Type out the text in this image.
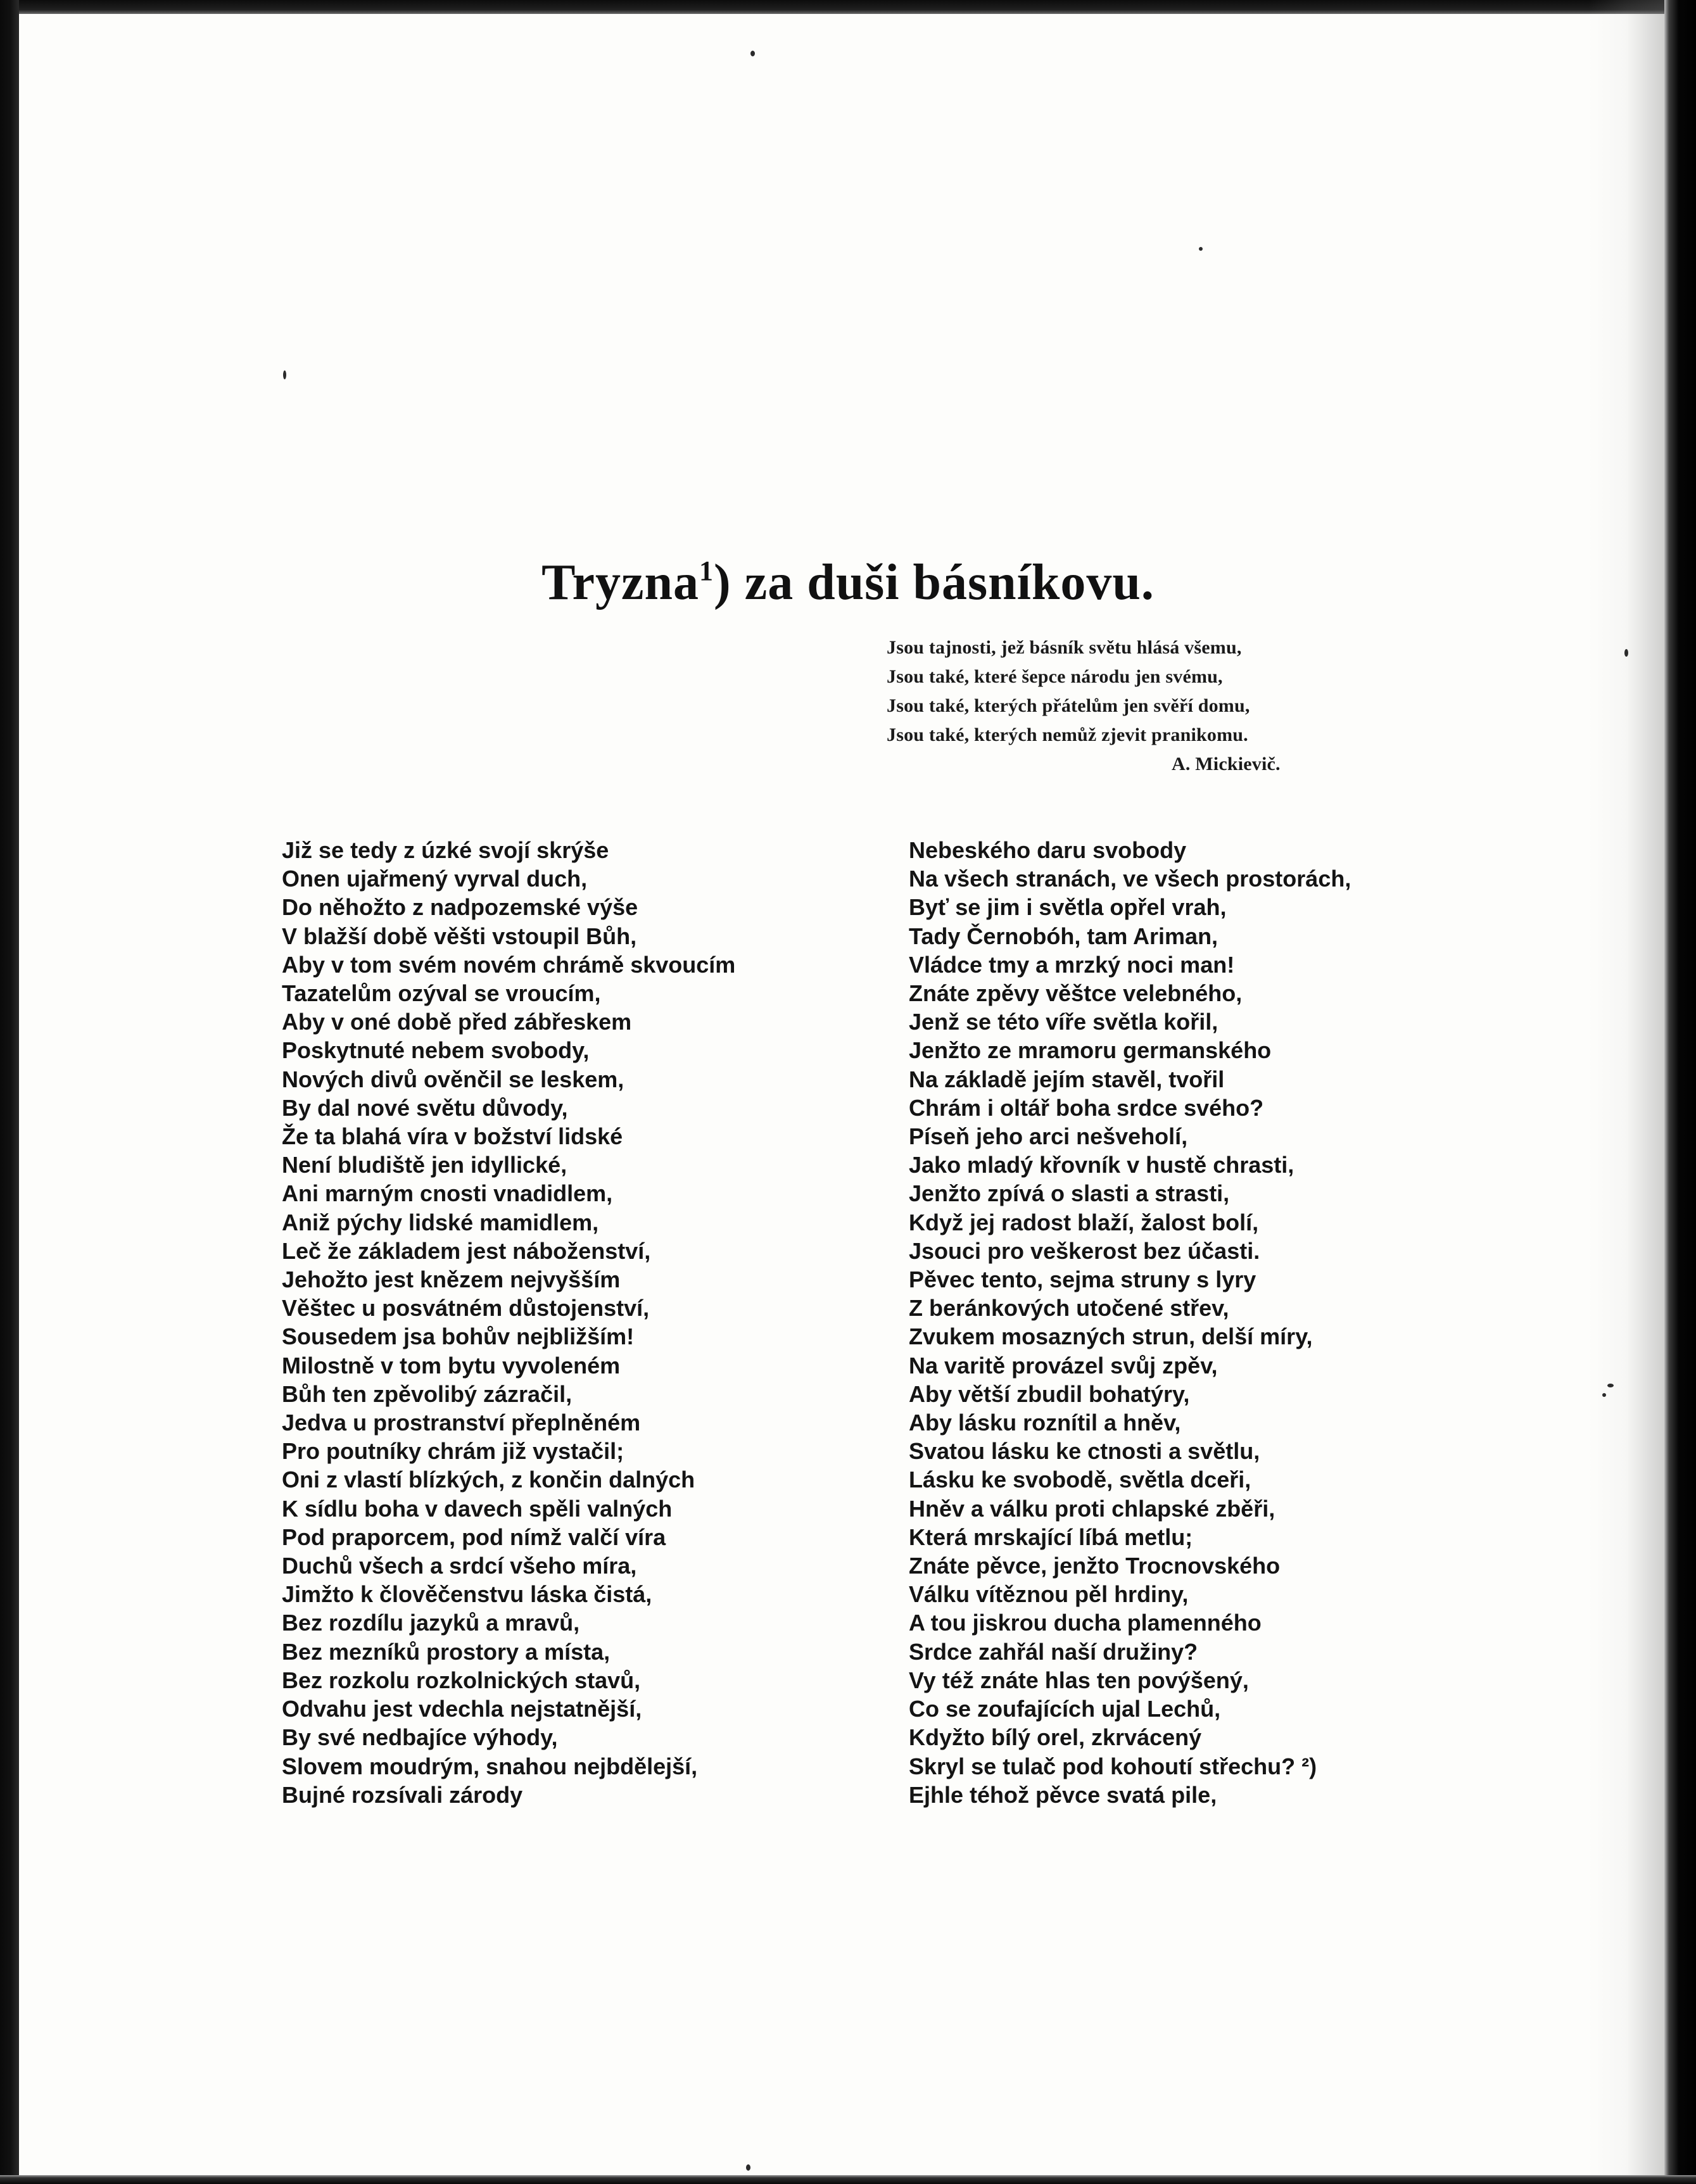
Tryzna$^1$) za duši básníkovu.
Jsou tajnosti, jež básník světu hlásá všemu,
Jsou také, které šepce národu jen svému,
Jsou také, kterých přátelům jen svěří domu,
Jsou také, kterých nemůž zjevit pranikomu.
A. Mickievič.
Již se tedy z úzké svojí skrýše
Onen ujařmený vyrval duch,
Do něhožto z nadpozemské výše
V blažší době věšti vstoupil Bůh,
Aby v tom svém novém chrámě skvoucím
Tazatelům ozýval se vroucím,
Aby v oné době před zábřeskem
Poskytnuté nebem svobody,
Nových divů ověnčil se leskem,
By dal nové světu důvody,
Že ta blahá víra v božství lidské
Není bludiště jen idyllické,
Ani marným cnosti vnadidlem,
Aniž pýchy lidské mamidlem,
Leč že základem jest náboženství,
Jehožto jest knězem nejvyšším
Věštec u posvátném důstojenství,
Sousedem jsa bohův nejbližším!
Milostně v tom bytu vyvoleném
Bůh ten zpěvolibý zázračil,
Jedva u prostranství přeplněném
Pro poutníky chrám již vystačil;
Oni z vlastí blízkých, z končin dalných
K sídlu boha v davech spěli valných
Pod praporcem, pod nímž valčí víra
Duchů všech a srdcí všeho míra,
Jimžto k člověčenstvu láska čistá,
Bez rozdílu jazyků a mravů,
Bez mezníků prostory a místa,
Bez rozkolu rozkolnických stavů,
Odvahu jest vdechla nejstatnější,
By své nedbajíce výhody,
Slovem moudrým, snahou nejbdělejší,
Bujné rozsívali zárody
Nebeského daru svobody
Na všech stranách, ve všech prostorách,
Byť se jim i světla opřel vrah,
Tady Černobóh, tam Ariman,
Vládce tmy a mrzký noci man!
Znáte zpěvy věštce velebného,
Jenž se této víře světla kořil,
Jenžto ze mramoru germanského
Na základě jejím stavěl, tvořil
Chrám i oltář boha srdce svého?
Píseň jeho arci nešveholí,
Jako mladý křovník v hustě chrasti,
Jenžto zpívá o slasti a strasti,
Když jej radost blaží, žalost bolí,
Jsouci pro veškerost bez účasti.
Pěvec tento, sejma struny s lyry
Z beránkových utočené střev,
Zvukem mosazných strun, delší míry,
Na varitě provázel svůj zpěv,
Aby větší zbudil bohatýry,
Aby lásku roznítil a hněv,
Svatou lásku ke ctnosti a světlu,
Lásku ke svobodě, světla dceři,
Hněv a válku proti chlapské zběři,
Která mrskající líbá metlu;
Znáte pěvce, jenžto Trocnovského
Válku vítěznou pěl hrdiny,
A tou jiskrou ducha plamenného
Srdce zahřál naší družiny?
Vy též znáte hlas ten povýšený,
Co se zoufajících ujal Lechů,
Kdyžto bílý orel, zkrvácený
Skryl se tulač pod kohoutí střechu? ²)
Ejhle téhož pěvce svatá pile,
